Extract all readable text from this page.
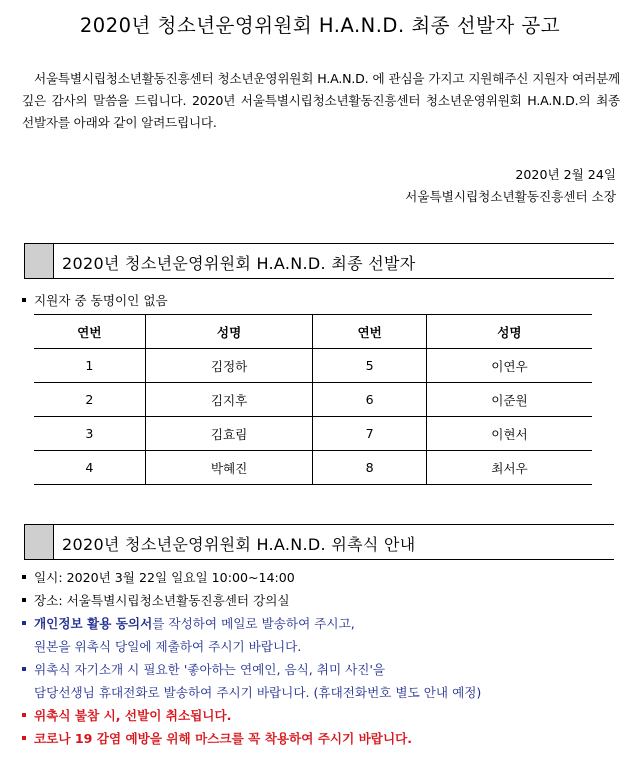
2020년 청소년운영위원회 H.A.N.D. 최종 선발자 공고
서울특별시립청소년활동진흥센터 청소년운영위원회 H.A.N.D. 에 관심을 가지고 지원해주신 지원자 여러분께 깊은 감사의 말씀을 드립니다. 2020년 서울특별시립청소년활동진흥센터 청소년운영위원회 H.A.N.D.의 최종 선발자를 아래와 같이 알려드립니다.
2020년 2월 24일
서울특별시립청소년활동진흥센터 소장
2020년 청소년운영위원회 H.A.N.D. 최종 선발자
지원자 중 동명이인 없음
연번	성명	연번	성명
1	김정하	5	이연우
2	김지후	6	이준원
3	김효림	7	이현서
4	박혜진	8	최서우
2020년 청소년운영위원회 H.A.N.D. 위촉식 안내
일시: 2020년 3월 22일 일요일 10:00~14:00
장소: 서울특별시립청소년활동진흥센터 강의실
개인정보 활용 동의서를 작성하여 메일로 발송하여 주시고,
원본을 위촉식 당일에 제출하여 주시기 바랍니다.
위촉식 자기소개 시 필요한 '좋아하는 연예인, 음식, 취미 사진'을
담당선생님 휴대전화로 발송하여 주시기 바랍니다. (휴대전화번호 별도 안내 예정)
위촉식 불참 시, 선발이 취소됩니다.
코로나 19 감염 예방을 위해 마스크를 꼭 착용하여 주시기 바랍니다.
